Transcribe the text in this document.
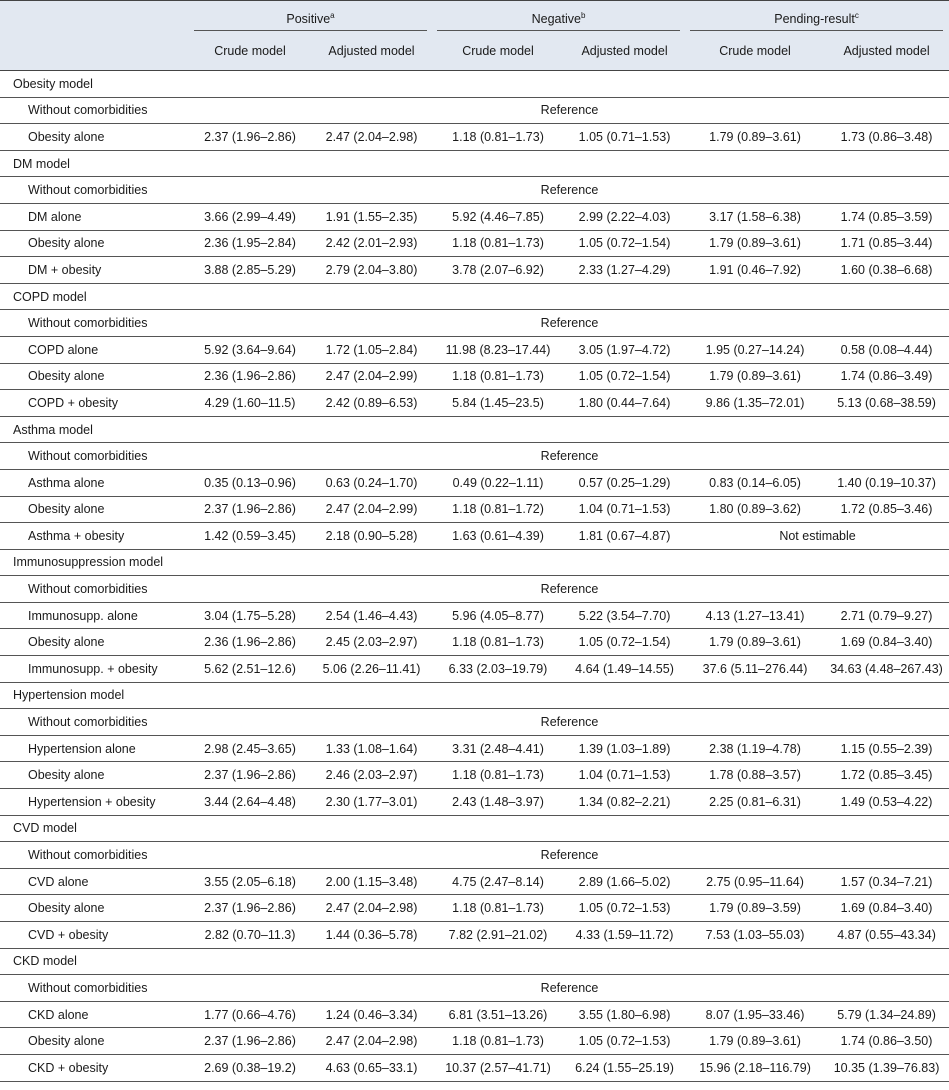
	Positive$^a$		Negative$^b$		Pending-result$^c$

	Crude model	Adjusted model	Crude model	Adjusted model	Crude model	Adjusted model
Obesity model						
Without comorbidities	Reference					
Obesity alone	2.37 (1.96–2.86)	2.47 (2.04–2.98)	1.18 (0.81–1.73)	1.05 (0.71–1.53)	1.79 (0.89–3.61)	1.73 (0.86–3.48)
DM model						
Without comorbidities	Reference					
DM alone	3.66 (2.99–4.49)	1.91 (1.55–2.35)	5.92 (4.46–7.85)	2.99 (2.22–4.03)	3.17 (1.58–6.38)	1.74 (0.85–3.59)
Obesity alone	2.36 (1.95–2.84)	2.42 (2.01–2.93)	1.18 (0.81–1.73)	1.05 (0.72–1.54)	1.79 (0.89–3.61)	1.71 (0.85–3.44)
DM + obesity	3.88 (2.85–5.29)	2.79 (2.04–3.80)	3.78 (2.07–6.92)	2.33 (1.27–4.29)	1.91 (0.46–7.92)	1.60 (0.38–6.68)
COPD model						
Without comorbidities	Reference					
COPD alone	5.92 (3.64–9.64)	1.72 (1.05–2.84)	11.98 (8.23–17.44)	3.05 (1.97–4.72)	1.95 (0.27–14.24)	0.58 (0.08–4.44)
Obesity alone	2.36 (1.96–2.86)	2.47 (2.04–2.99)	1.18 (0.81–1.73)	1.05 (0.72–1.54)	1.79 (0.89–3.61)	1.74 (0.86–3.49)
COPD + obesity	4.29 (1.60–11.5)	2.42 (0.89–6.53)	5.84 (1.45–23.5)	1.80 (0.44–7.64)	9.86 (1.35–72.01)	5.13 (0.68–38.59)
Asthma model						
Without comorbidities	Reference					
Asthma alone	0.35 (0.13–0.96)	0.63 (0.24–1.70)	0.49 (0.22–1.11)	0.57 (0.25–1.29)	0.83 (0.14–6.05)	1.40 (0.19–10.37)
Obesity alone	2.37 (1.96–2.86)	2.47 (2.04–2.99)	1.18 (0.81–1.72)	1.04 (0.71–1.53)	1.80 (0.89–3.62)	1.72 (0.85–3.46)
Asthma + obesity	1.42 (0.59–3.45)	2.18 (0.90–5.28)	1.63 (0.61–4.39)	1.81 (0.67–4.87)	Not estimable	
Immunosuppression model						
Without comorbidities	Reference					
Immunosupp. alone	3.04 (1.75–5.28)	2.54 (1.46–4.43)	5.96 (4.05–8.77)	5.22 (3.54–7.70)	4.13 (1.27–13.41)	2.71 (0.79–9.27)
Obesity alone	2.36 (1.96–2.86)	2.45 (2.03–2.97)	1.18 (0.81–1.73)	1.05 (0.72–1.54)	1.79 (0.89–3.61)	1.69 (0.84–3.40)
Immunosupp. + obesity	5.62 (2.51–12.6)	5.06 (2.26–11.41)	6.33 (2.03–19.79)	4.64 (1.49–14.55)	37.6 (5.11–276.44)	34.63 (4.48–267.43)
Hypertension model						
Without comorbidities	Reference					
Hypertension alone	2.98 (2.45–3.65)	1.33 (1.08–1.64)	3.31 (2.48–4.41)	1.39 (1.03–1.89)	2.38 (1.19–4.78)	1.15 (0.55–2.39)
Obesity alone	2.37 (1.96–2.86)	2.46 (2.03–2.97)	1.18 (0.81–1.73)	1.04 (0.71–1.53)	1.78 (0.88–3.57)	1.72 (0.85–3.45)
Hypertension + obesity	3.44 (2.64–4.48)	2.30 (1.77–3.01)	2.43 (1.48–3.97)	1.34 (0.82–2.21)	2.25 (0.81–6.31)	1.49 (0.53–4.22)
CVD model						
Without comorbidities	Reference					
CVD alone	3.55 (2.05–6.18)	2.00 (1.15–3.48)	4.75 (2.47–8.14)	2.89 (1.66–5.02)	2.75 (0.95–11.64)	1.57 (0.34–7.21)
Obesity alone	2.37 (1.96–2.86)	2.47 (2.04–2.98)	1.18 (0.81–1.73)	1.05 (0.72–1.53)	1.79 (0.89–3.59)	1.69 (0.84–3.40)
CVD + obesity	2.82 (0.70–11.3)	1.44 (0.36–5.78)	7.82 (2.91–21.02)	4.33 (1.59–11.72)	7.53 (1.03–55.03)	4.87 (0.55–43.34)
CKD model						
Without comorbidities	Reference					
CKD alone	1.77 (0.66–4.76)	1.24 (0.46–3.34)	6.81 (3.51–13.26)	3.55 (1.80–6.98)	8.07 (1.95–33.46)	5.79 (1.34–24.89)
Obesity alone	2.37 (1.96–2.86)	2.47 (2.04–2.98)	1.18 (0.81–1.73)	1.05 (0.72–1.53)	1.79 (0.89–3.61)	1.74 (0.86–3.50)
CKD + obesity	2.69 (0.38–19.2)	4.63 (0.65–33.1)	10.37 (2.57–41.71)	6.24 (1.55–25.19)	15.96 (2.18–116.79)	10.35 (1.39–76.83)
